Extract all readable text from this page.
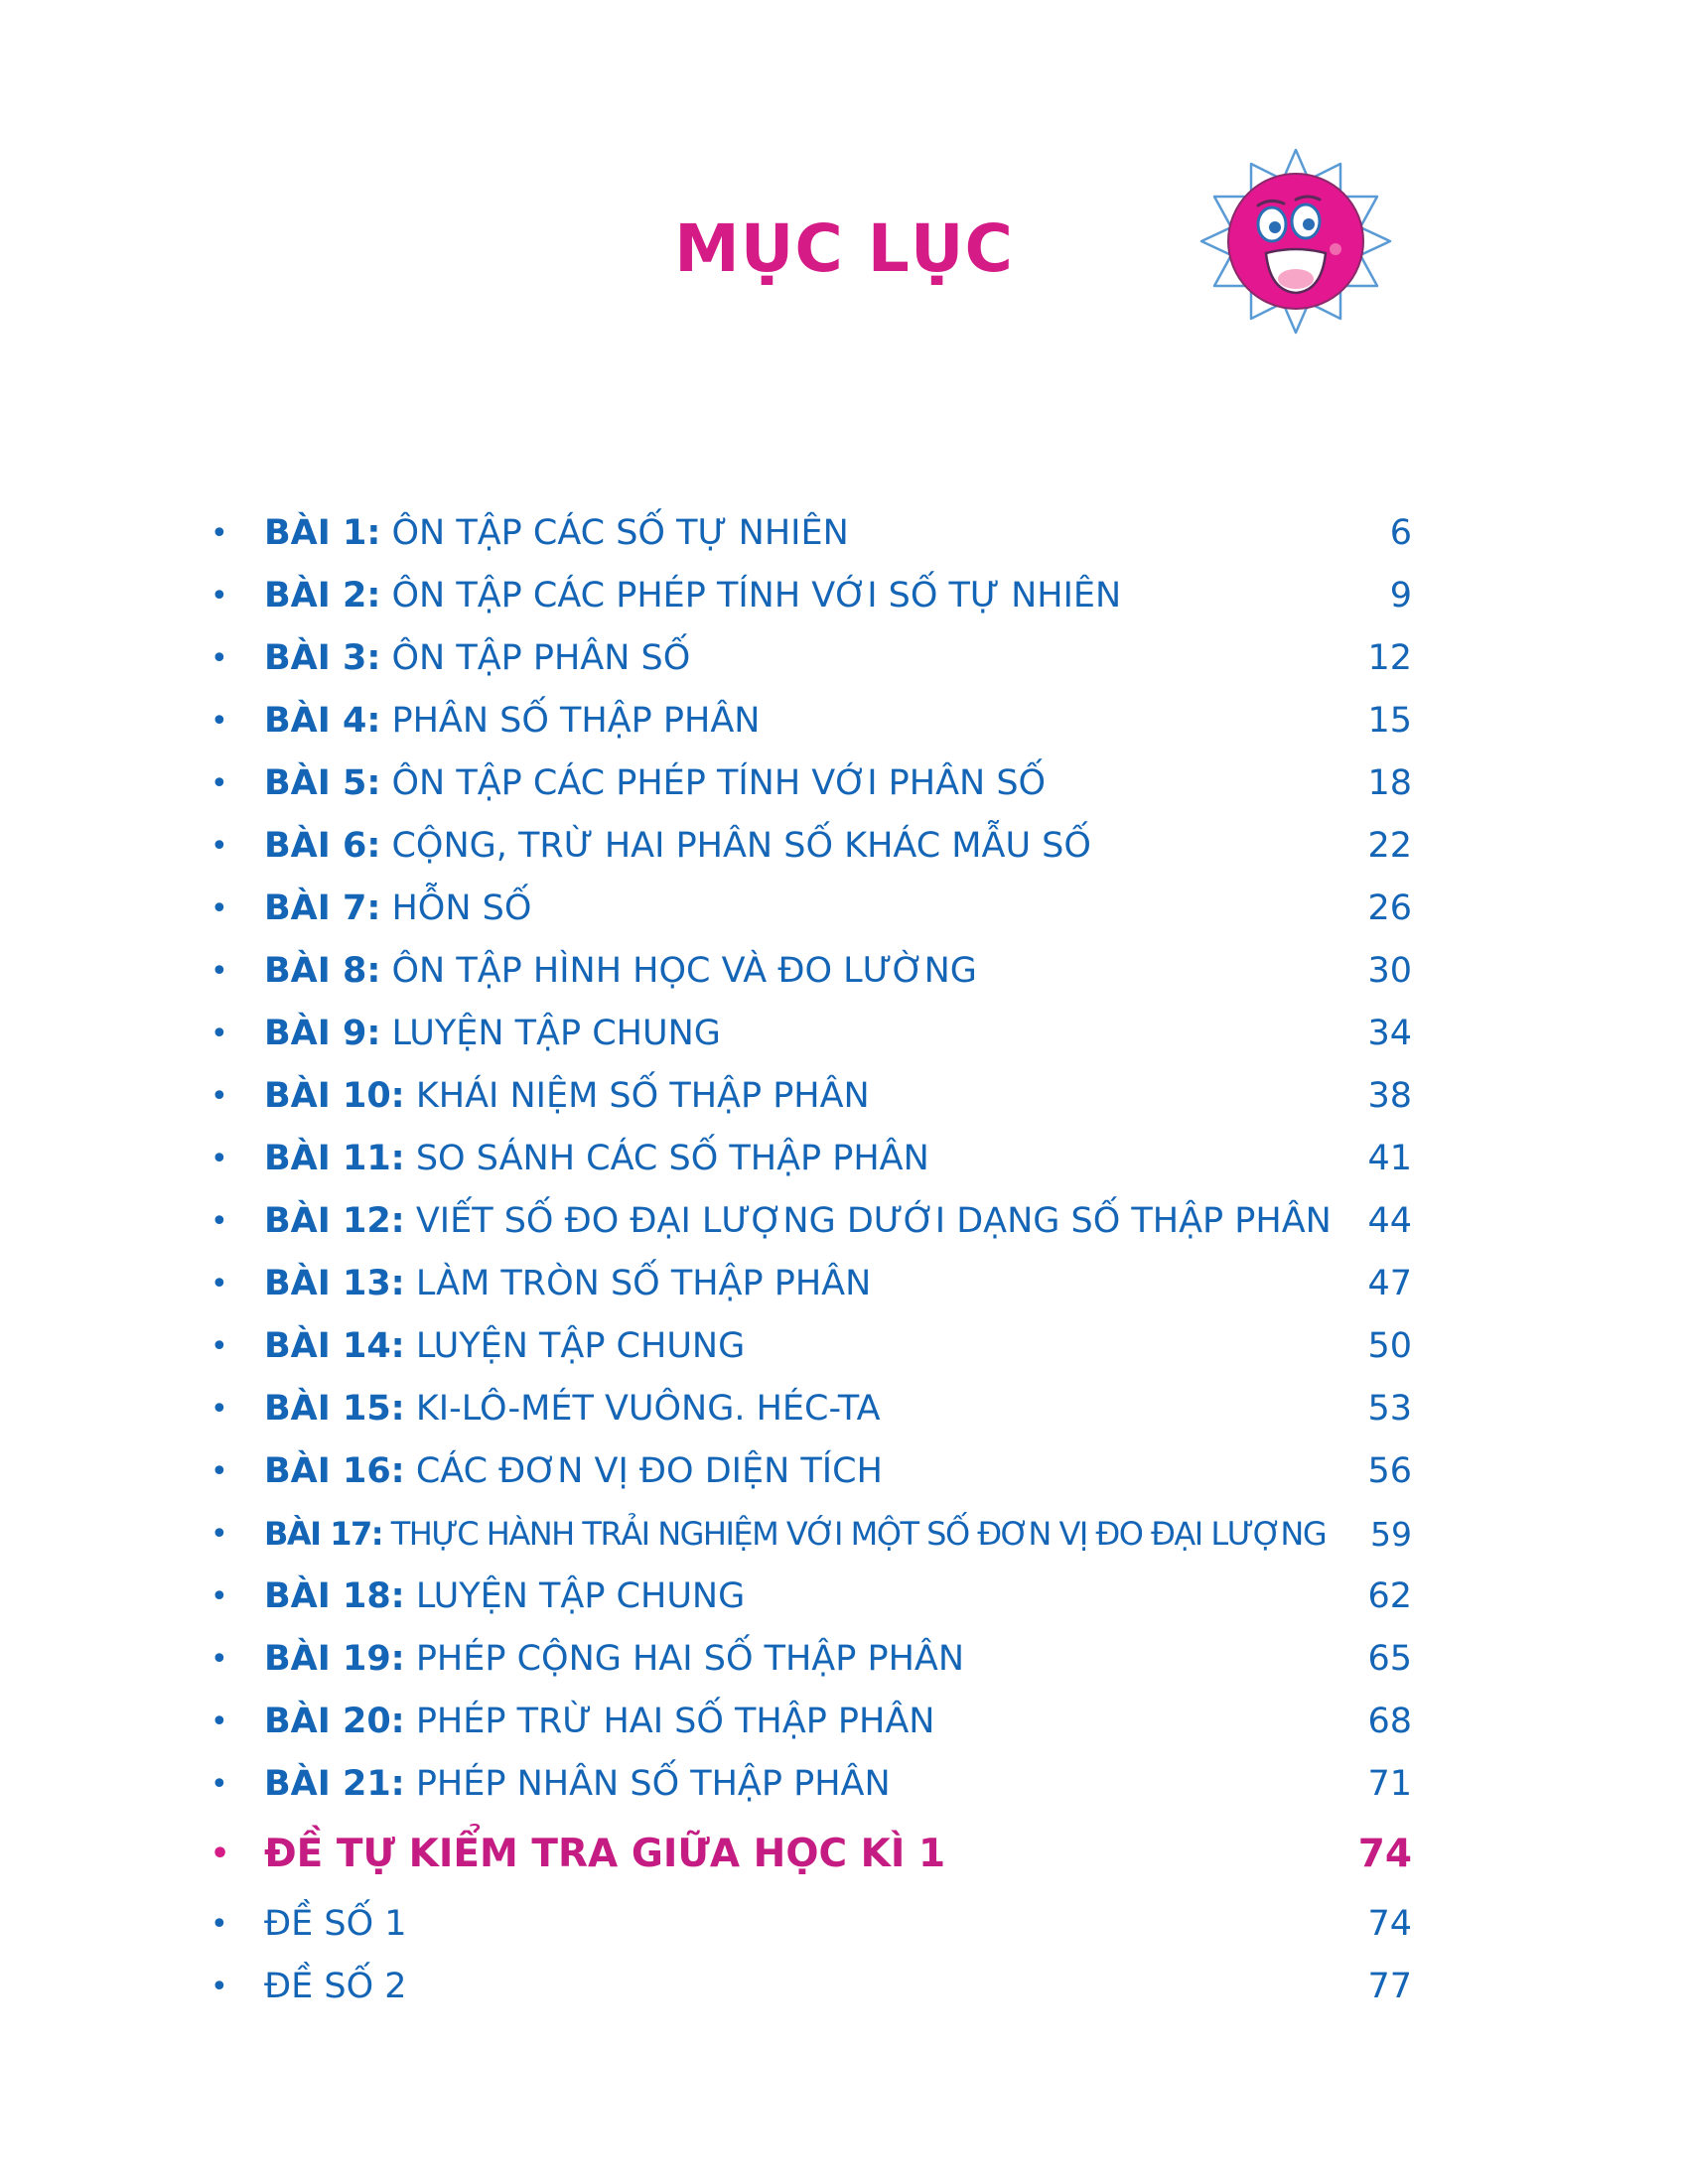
MỤC LỤC
• BÀI 1: ÔN TẬP CÁC SỐ TỰ NHIÊN	6
• BÀI 2: ÔN TẬP CÁC PHÉP TÍNH VỚI SỐ TỰ NHIÊN	9
• BÀI 3: ÔN TẬP PHÂN SỐ	12
• BÀI 4: PHÂN SỐ THẬP PHÂN	15
• BÀI 5: ÔN TẬP CÁC PHÉP TÍNH VỚI PHÂN SỐ	18
• BÀI 6: CỘNG, TRỪ HAI PHÂN SỐ KHÁC MẪU SỐ	22
• BÀI 7: HỖN SỐ	26
• BÀI 8: ÔN TẬP HÌNH HỌC VÀ ĐO LƯỜNG	30
• BÀI 9: LUYỆN TẬP CHUNG	34
• BÀI 10: KHÁI NIỆM SỐ THẬP PHÂN	38
• BÀI 11: SO SÁNH CÁC SỐ THẬP PHÂN	41
• BÀI 12: VIẾT SỐ ĐO ĐẠI LƯỢNG DƯỚI DẠNG SỐ THẬP PHÂN 44
• BÀI 13: LÀM TRÒN SỐ THẬP PHÂN	47
• BÀI 14: LUYỆN TẬP CHUNG	50
• BÀI 15: KI-LÔ-MÉT VUÔNG. HÉC-TA	53
• BÀI 16: CÁC ĐƠN VỊ ĐO DIỆN TÍCH	56
• BÀI 17: THỰC HÀNH TRẢI NGHIỆM VỚI MỘT SỐ ĐƠN VỊ ĐO ĐẠI LƯỢNG 59
• BÀI 18: LUYỆN TẬP CHUNG	62
• BÀI 19: PHÉP CỘNG HAI SỐ THẬP PHÂN	65
• BÀI 20: PHÉP TRỪ HAI SỐ THẬP PHÂN	68
• BÀI 21: PHÉP NHÂN SỐ THẬP PHÂN	71
• ĐỀ TỰ KIỂM TRA GIỮA HỌC KÌ 1	74
• ĐỀ SỐ 1	74
• ĐỀ SỐ 2	77
